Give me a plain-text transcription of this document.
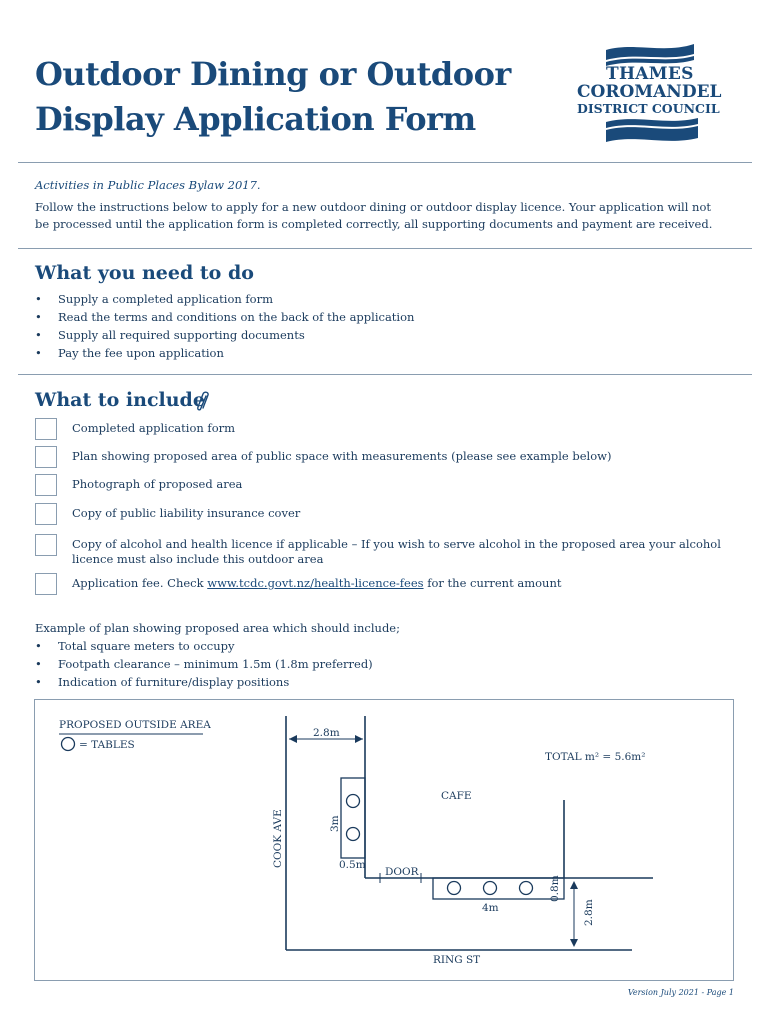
Outdoor Dining or Outdoor
Display Application Form
THAMES
COROMANDEL
DISTRICT COUNCIL
Activities in Public Places Bylaw 2017.
Follow the instructions below to apply for a new outdoor dining or outdoor display licence. Your application will not be processed until the application form is completed correctly, all supporting documents and payment are received.
What you need to do
• Supply a completed application form
• Read the terms and conditions on the back of the application
• Supply all required supporting documents
• Pay the fee upon application
What to include
Completed application form
Plan showing proposed area of public space with measurements (please see example below)
Photograph of proposed area
Copy of public liability insurance cover
Copy of alcohol and health licence if applicable – If you wish to serve alcohol in the proposed area your alcohol licence must also include this outdoor area
Application fee. Check www.tcdc.govt.nz/health-licence-fees for the current amount
Example of plan showing proposed area which should include;
• Total square meters to occupy
• Footpath clearance – minimum 1.5m (1.8m preferred)
• Indication of furniture/display positions
PROPOSED OUTSIDE AREA
= TABLES
2.8m
TOTAL m² = 5.6m²
CAFE
COOK AVE	3m
0.5m
DOOR
4m
0.8m
2.8m
RING ST
Version July 2021 - Page 1
